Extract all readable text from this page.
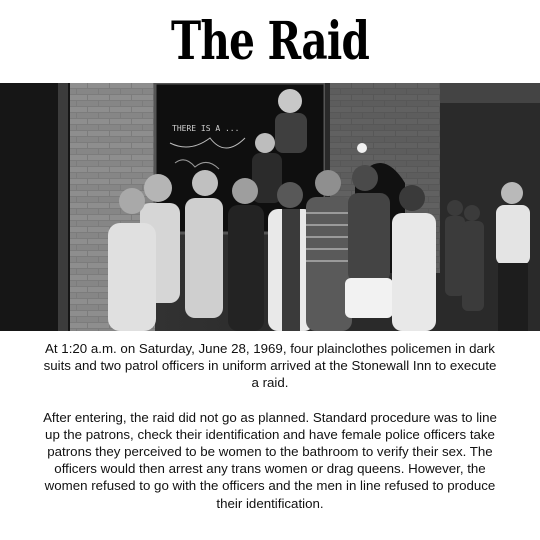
The Raid
THERE IS A ...

At 1:20 a.m. on Saturday, June 28, 1969, four plainclothes policemen in dark suits and two patrol officers in uniform arrived at the Stonewall Inn to execute a raid.

After entering, the raid did not go as planned. Standard procedure was to line up the patrons, check their identification and have female police officers take patrons they perceived to be women to the bathroom to verify their sex. The officers would then arrest any trans women or drag queens. However, the women refused to go with the officers and the men in line refused to produce their identification.
